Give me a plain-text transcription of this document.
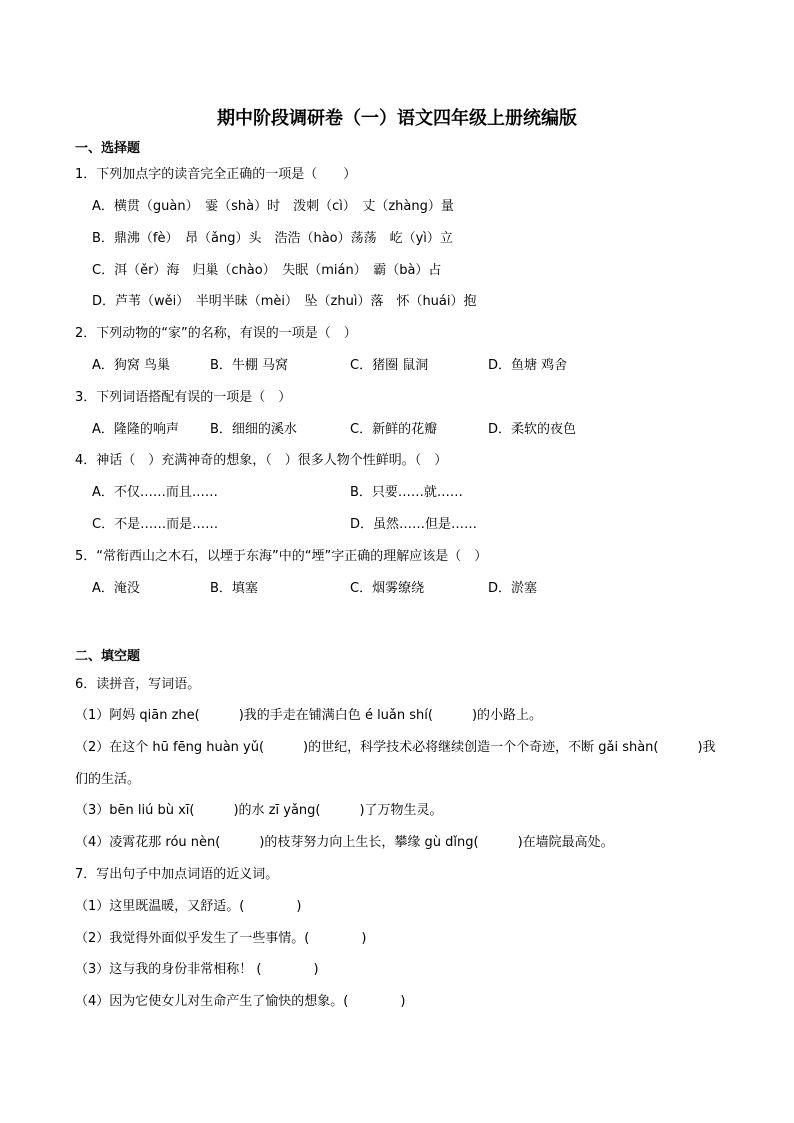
期中阶段调研卷（一）语文四年级上册统编版
一、选择题
1．下列加点字的读音完全正确的一项是（　　）
A．横贯（guàn）　霎（shà）时　泼刺（cì）　丈（zhàng）量
B．鼎沸（fè）　昂（ǎng）头　浩浩（hào）荡荡　屹（yì）立
C．洱（ěr）海　归巢（chào）　失眠（mián）　霸（bà）占
D．芦苇（wěi）　半明半昧（mèi）　坠（zhuì）落　怀（huái）抱
2．下列动物的“家”的名称，有误的一项是（　）
A．狗窝 鸟巢	B．牛棚 马窝	C．猪圈 鼠洞	D．鱼塘 鸡舍
3．下列词语搭配有误的一项是（　）
A．隆隆的响声 B．细细的溪水	C．新鲜的花瓣	D．柔软的夜色
4．神话（　）充满神奇的想象，（　）很多人物个性鲜明。（　）
A．不仅……而且……	B．只要……就……
C．不是……而是……	D．虽然……但是……
5．“常衔西山之木石，以堙于东海”中的“堙”字正确的理解应该是（　）
A．淹没	B．填塞	C．烟雾缭绕	D．淤塞
二、填空题
6．读拼音，写词语。
（1）阿妈 qiān zhe(　　　)我的手走在铺满白色 é luǎn shí(　　　)的小路上。
（2）在这个 hū fēng huàn yǔ(　　　)的世纪，科学技术必将继续创造一个个奇迹，不断 gǎi shàn(　　　)我
们的生活。
（3）bēn liú bù xī(　　　)的水 zī yǎng(　　　)了万物生灵。
（4）凌霄花那 róu nèn(　　　)的枝芽努力向上生长，攀缘 gù dǐng(　　　)在墙院最高处。
7．写出句子中加点词语的近义词。
（1）这里既温暖，又舒适。(　　　　)
（2）我觉得外面似乎发生了一些事情。(　　　　)
（3）这与我的身份非常相称！ (　　　　)
（4）因为它使女儿对生命产生了愉快的想象。(　　　　)
